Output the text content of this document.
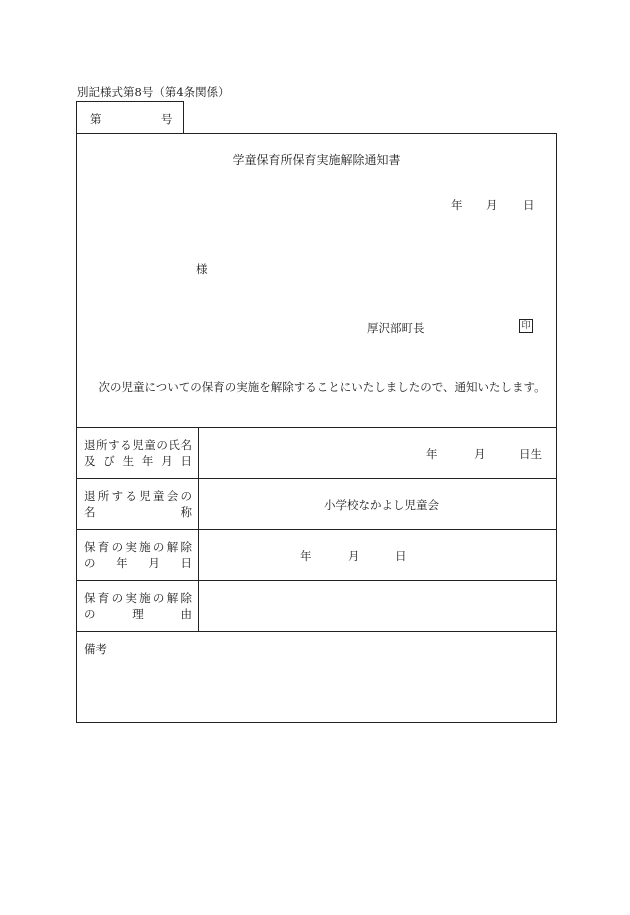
別記様式第8号（第4条関係）
第	号
学童保育所保育実施解除通知書
年 月 日
様
厚沢部町長	印
次の児童についての保育の実施を解除することにいたしましたので、通知いたします。
退所する児童の氏名
及び生年月日	年	月	日生
退所する児童会の
名称	小学校なかよし児童会
保育の実施の解除
の年月日	年	月	日
保育の実施の解除
の理由
備考
